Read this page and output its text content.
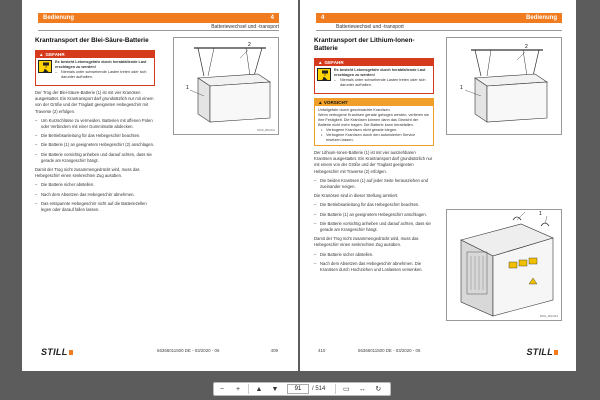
Bedienung	4
Batteriewechsel und -transport
Krantransport der Blei-Säure-Batterie
▲ GEFAHR
Es besteht Lebensgefahr durch herabfallende Last erschlagen zu werden!
– Niemals unter schwebende Lasten treten oder sich darunter aufhalten.
Der Trog der Blei-Säure-Batterie (1) ist mit vier Kranösen ausgestattet. Ein Krantransport darf grundsätzlich nur mit einem von der Größe und der Traglast geeigneten Hebegeschirr mit Traverse (2) erfolgen.
– Um Kurzschlüsse zu vermeiden, Batterien mit offenen Polen oder Verbindern mit einer Gummimatte abdecken.
– Die Betriebsanleitung für das Hebegeschirr beachten.
– Die Batterie (1) an geeignetem Hebegeschirr (2) anschlagen.
– Die Batterie vorsichtig anheben und darauf achten, dass sie gerade am Krangeschirr hängt.
Damit der Trog nicht zusammengedrückt wird, muss das Hebegeschirr einen senkrechten Zug ausüben.
– Die Batterie sicher abstellen.
– Nach dem Absetzen das Hebegeschirr abnehmen.
– Das entspannte Hebegeschirr nicht auf die Batteriezellen legen oder darauf fallen lassen.
1
2
6210_003-011
STILL	56366011500 DE - 03/2020 - 06	409
4	Bedienung
Batteriewechsel und -transport
Krantransport der Lithium-Ionen-Batterie
▲ GEFAHR
Es besteht Lebensgefahr durch herabfallende Last erschlagen zu werden!
– Niemals unter schwebende Lasten treten oder sich darunter aufhalten.
▲ VORSICHT
Unfallgefahr durch geschwächte Kranösen.
Wenn verbogene Kranösen gerade gebogen werden, verlieren sie ihre Festigkeit. Die Kranösen können dann das Gewicht der Batterie nicht mehr tragen. Die Batterie kann herabfallen.
• Verbogene Kranösen nicht gerade biegen.
• Verbogene Kranösen durch den autorisierten Service ersetzen lassen.
Der Lithium-Ionen-Batterie (1) ist mit vier ausziehbaren Kranösen ausgestattet. Ein Krantransport darf grundsätzlich nur mit einem von der Größe und der Traglast geeigneten Hebegeschirr mit Traverse (2) erfolgen.
– Die beiden Kranösen (1) auf jeder Seite herausziehen und zueinander neigen.
Die Kranösen sind in dieser Stellung arretiert.
– Die Betriebsanleitung für das Hebegeschirr beachten.
– Die Batterie (1) an geeignetem Hebegeschirr anschlagen.
– Die Batterie vorsichtig anheben und darauf achten, dass sie gerade am Krangeschirr hängt.
Damit der Trog nicht zusammengedrückt wird, muss das Hebegeschirr einen senkrechten Zug ausüben.
– Die Batterie sicher abstellen.
– Nach dem Absetzen das Hebegeschirr abnehmen. Die Kranösen durch Hochziehen und Loslassen versenken.
1
2
1
6210_003-012
410	56366011500 DE - 03/2020 - 06	STILL
−	+	▲	▼	91	/ 514	▭	↔	↻
